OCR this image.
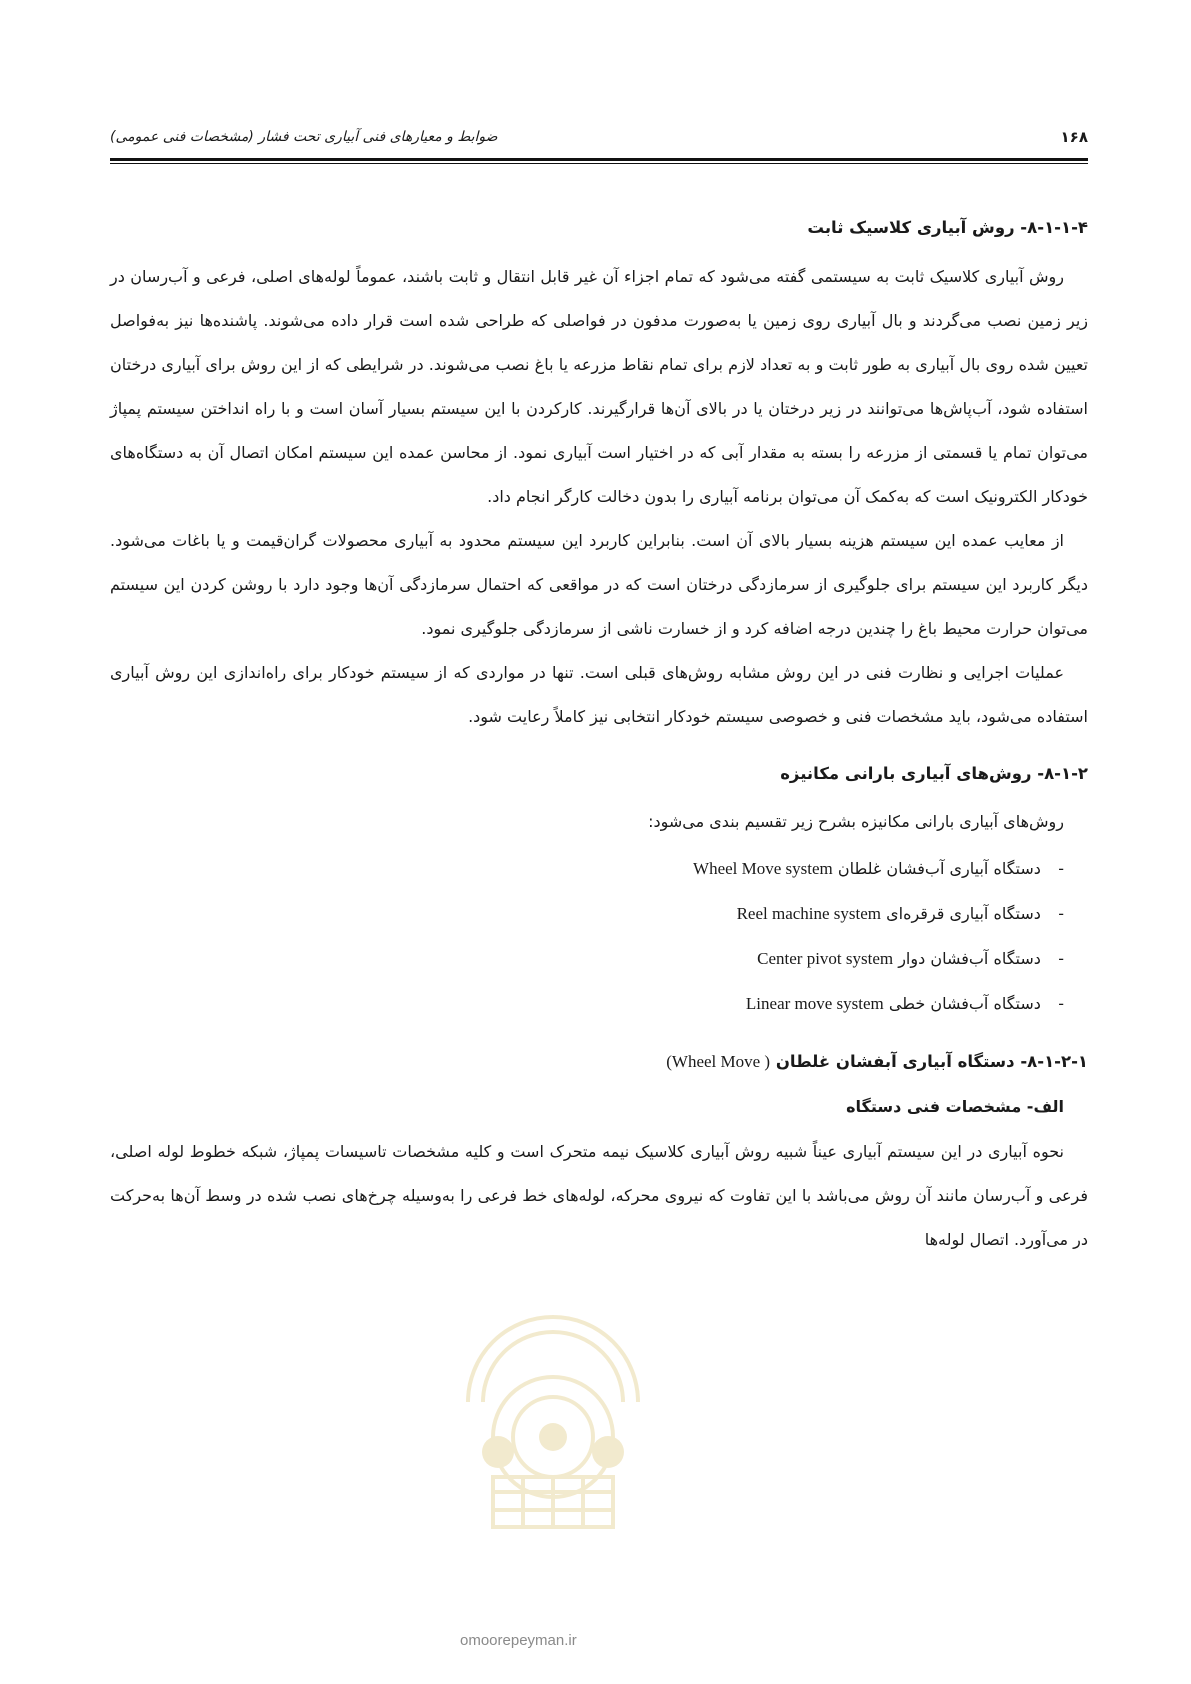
۱۶۸
ضوابط و معیارهای فنی آبیاری تحت فشار (مشخصات فنی عمومی)
۸-۱-۱-۴- روش آبیاری کلاسیک ثابت

روش آبیاری کلاسیک ثابت به سیستمی گفته می‌شود که تمام اجزاء آن غیر قابل انتقال و ثابت باشند، عموماً لوله‌های اصلی، فرعی و آب‌رسان در زیر زمین نصب می‌گردند و بال آبیاری روی زمین یا به‌صورت مدفون در فواصلی که طراحی شده است قرار داده می‌شوند. پاشنده‌ها نیز به‌فواصل تعیین شده روی بال آبیاری به طور ثابت و به تعداد لازم برای تمام نقاط مزرعه یا باغ نصب می‌شوند. در شرایطی که از این روش برای آبیاری درختان استفاده شود، آب‌پاش‌ها می‌توانند در زیر درختان یا در بالای آن‌ها قرارگیرند. کارکردن با این سیستم بسیار آسان است و با راه انداختن سیستم پمپاژ می‌توان تمام یا قسمتی از مزرعه را بسته به مقدار آبی که در اختیار است آبیاری نمود. از محاسن عمده این سیستم امکان اتصال آن به دستگاه‌های خودکار الکترونیک است که به‌کمک آن می‌توان برنامه آبیاری را بدون دخالت کارگر انجام داد.

از معایب عمده این سیستم هزینه بسیار بالای آن است. بنابراین کاربرد این سیستم محدود به آبیاری محصولات گران‌قیمت و یا باغات می‌شود. دیگر کاربرد این سیستم برای جلوگیری از سرمازدگی درختان است که در مواقعی که احتمال سرمازدگی آن‌ها وجود دارد با روشن کردن این سیستم می‌توان حرارت محیط باغ را چندین درجه اضافه کرد و از خسارت ناشی از سرمازدگی جلوگیری نمود.

عملیات اجرایی و نظارت فنی در این روش مشابه روش‌های قبلی است. تنها در مواردی که از سیستم خودکار برای راه‌اندازی این روش آبیاری استفاده می‌شود، باید مشخصات فنی و خصوصی سیستم خودکار انتخابی نیز کاملاً رعایت شود.

۸-۱-۲- روش‌های آبیاری بارانی مکانیزه

روش‌های آبیاری بارانی مکانیزه بشرح زیر تقسیم بندی می‌شود:

- دستگاه آبیاری آب‌فشان غلطان Wheel Move system
- دستگاه آبیاری قرقره‌ای Reel machine system
- دستگاه آب‌فشان دوار Center pivot system
- دستگاه آب‌فشان خطی Linear move system
۸-۱-۲-۱- دستگاه آبیاری آبفشان غلطان (Wheel Move )
الف- مشخصات فنی دستگاه

نحوه آبیاری در این سیستم آبیاری عیناً شبیه روش آبیاری کلاسیک نیمه متحرک است و کلیه مشخصات تاسیسات پمپاژ، شبکه خطوط لوله اصلی، فرعی و آب‌رسان مانند آن روش می‌باشد با این تفاوت که نیروی محرکه، لوله‌های خط فرعی را به‌وسیله چرخ‌های نصب شده در وسط آن‌ها به‌حرکت در می‌آورد. اتصال لوله‌ها

omoorepeyman.ir
